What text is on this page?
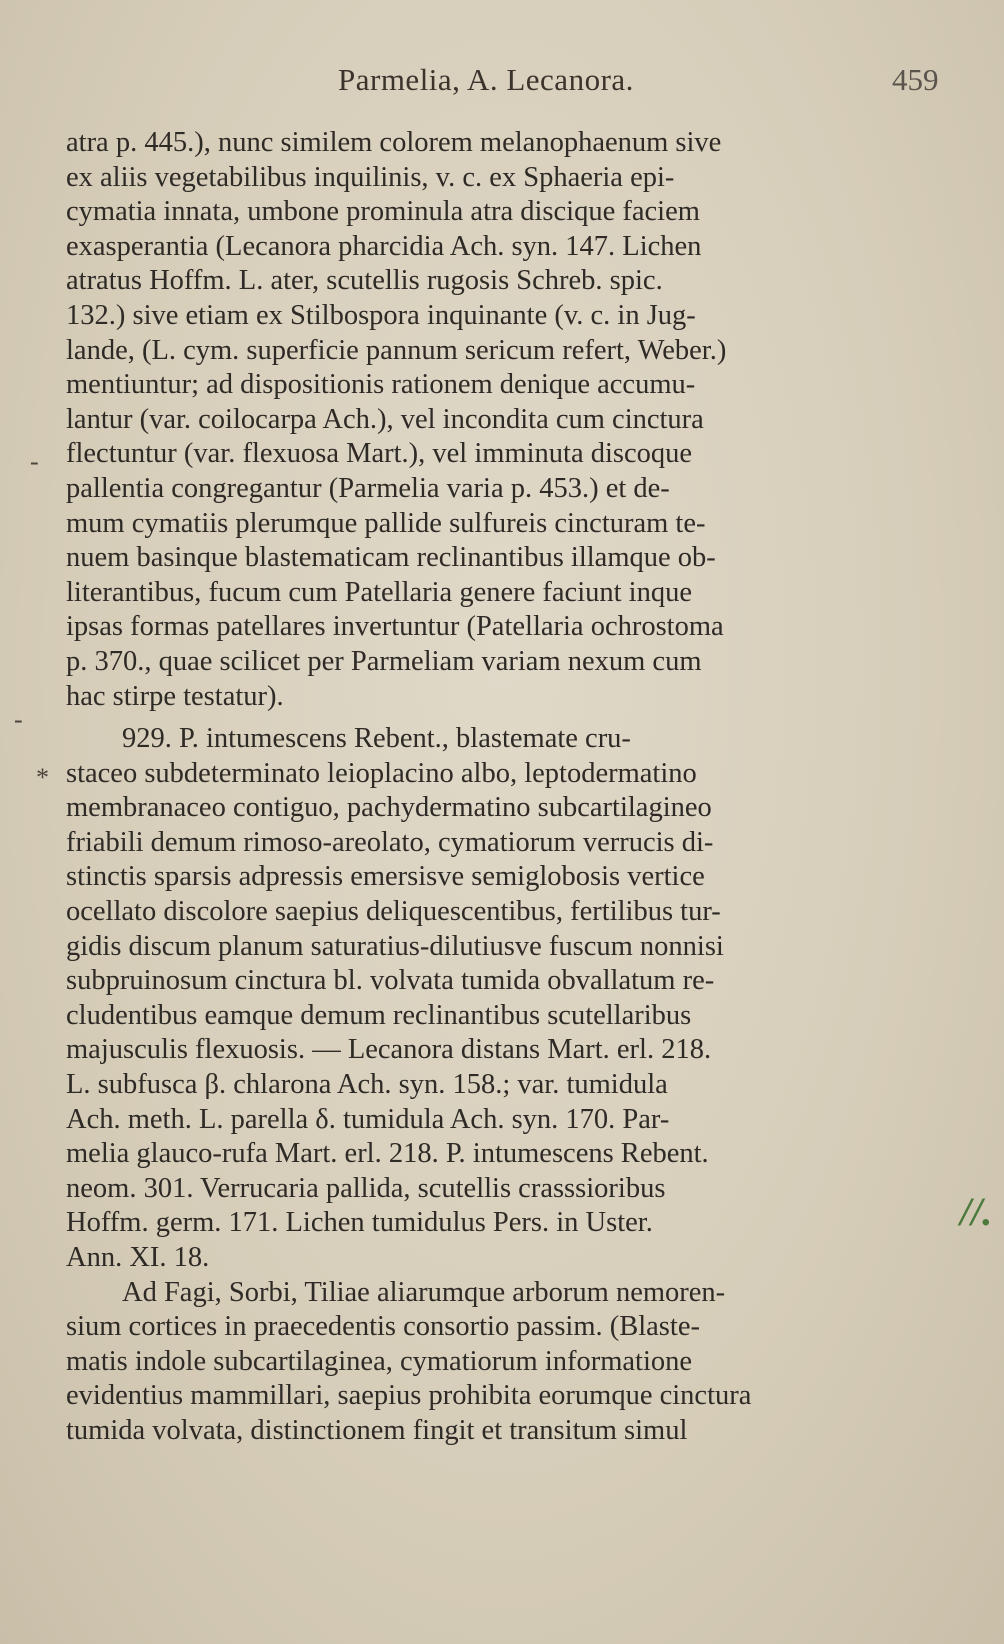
Parmelia, A. Lecanora.	459
atra p. 445.), nunc similem colorem melanophaenum sive
ex aliis vegetabilibus inquilinis, v. c. ex Sphaeria epi-
cymatia innata, umbone prominula atra discique faciem
exasperantia (Lecanora pharcidia Ach. syn. 147. Lichen
atratus Hoffm. L. ater, scutellis rugosis Schreb. spic.
132.) sive etiam ex Stilbospora inquinante (v. c. in Jug-
lande, (L. cym. superficie pannum sericum refert, Weber.)
mentiuntur; ad dispositionis rationem denique accumu-
lantur (var. coilocarpa Ach.), vel incondita cum cinctura
flectuntur (var. flexuosa Mart.), vel imminuta discoque
pallentia congregantur (Parmelia varia p. 453.) et de-
mum cymatiis plerumque pallide sulfureis cincturam te-
nuem basinque blastematicam reclinantibus illamque ob-
literantibus, fucum cum Patellaria genere faciunt inque
ipsas formas patellares invertuntur (Patellaria ochrostoma
p. 370., quae scilicet per Parmeliam variam nexum cum
hac stirpe testatur).
929. P. intumescens Rebent., blastemate cru-
staceo subdeterminato leioplacino albo, leptodermatino
membranaceo contiguo, pachydermatino subcartilagineo
friabili demum rimoso-areolato, cymatiorum verrucis di-
stinctis sparsis adpressis emersisve semiglobosis vertice
ocellato discolore saepius deliquescentibus, fertilibus tur-
gidis discum planum saturatius-dilutiusve fuscum nonnisi
subpruinosum cinctura bl. volvata tumida obvallatum re-
cludentibus eamque demum reclinantibus scutellaribus
majusculis flexuosis. — Lecanora distans Mart. erl. 218.
L. subfusca β. chlarona Ach. syn. 158.; var. tumidula
Ach. meth. L. parella δ. tumidula Ach. syn. 170. Par-
melia glauco-rufa Mart. erl. 218. P. intumescens Rebent.
neom. 301. Verrucaria pallida, scutellis crasssioribus
Hoffm. germ. 171. Lichen tumidulus Pers. in Uster.
Ann. XI. 18.
Ad Fagi, Sorbi, Tiliae aliarumque arborum nemoren-
sium cortices in praecedentis consortio passim. (Blaste-
matis indole subcartilaginea, cymatiorum informatione
evidentius mammillari, saepius prohibita eorumque cinctura
tumida volvata, distinctionem fingit et transitum simul
-
-
*
//.
